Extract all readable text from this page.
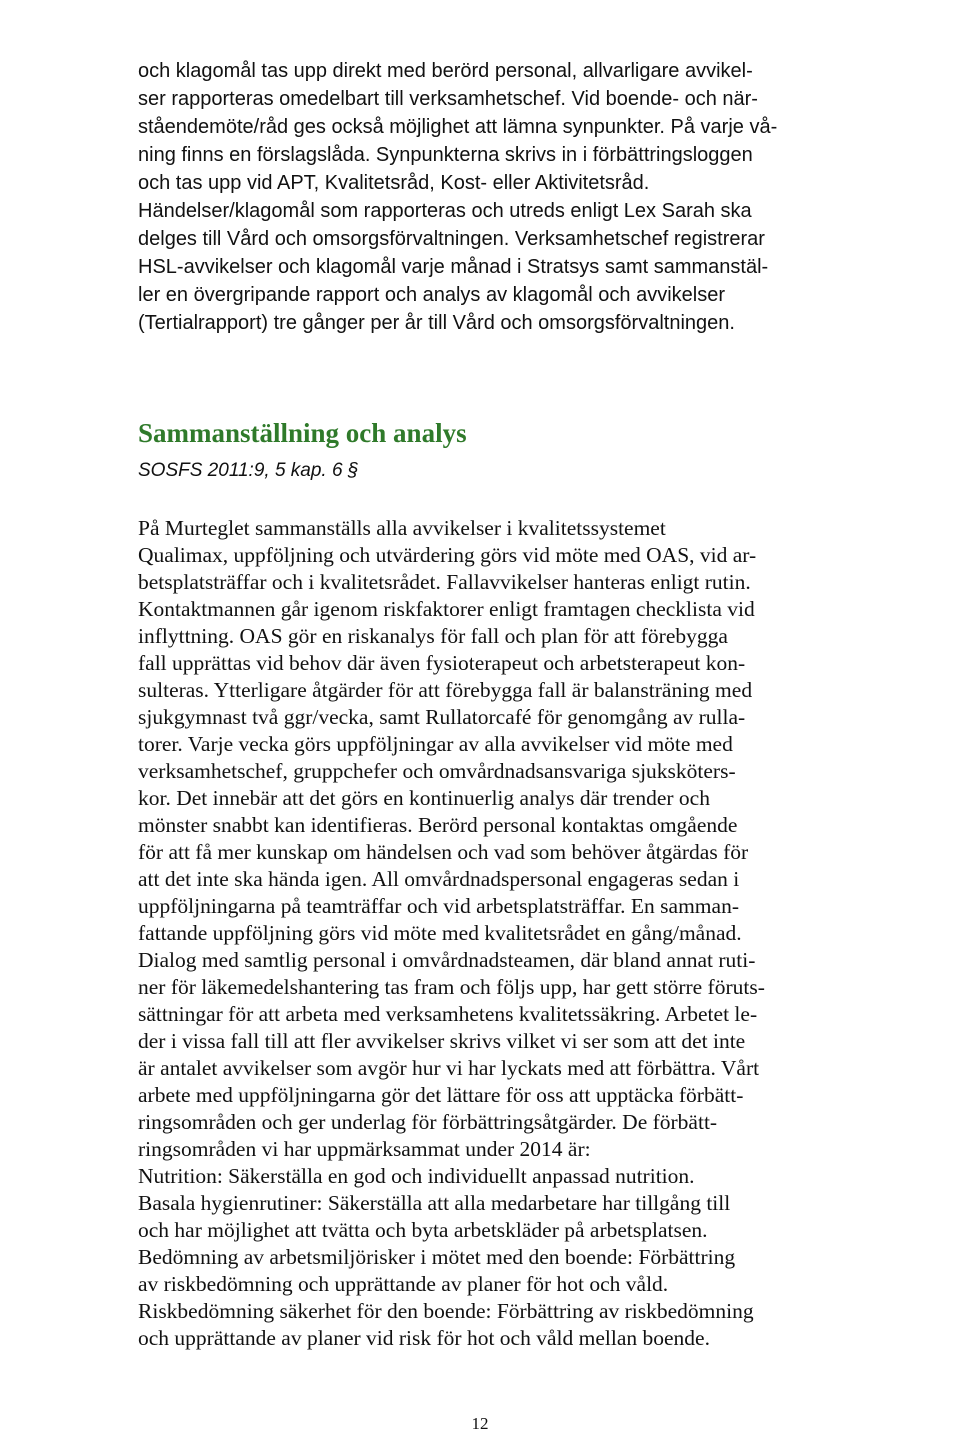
och klagomål tas upp direkt med berörd personal, allvarligare avvikel-
ser rapporteras omedelbart till verksamhetschef. Vid boende- och när-
ståendemöte/råd ges också möjlighet att lämna synpunkter. På varje vå-
ning finns en förslagslåda. Synpunkterna skrivs in i förbättringsloggen
och tas upp vid APT, Kvalitetsråd, Kost- eller Aktivitetsråd.
Händelser/klagomål som rapporteras och utreds enligt Lex Sarah ska
delges till Vård och omsorgsförvaltningen. Verksamhetschef registrerar
HSL-avvikelser och klagomål varje månad i Stratsys samt sammanstäl-
ler en övergripande rapport och analys av klagomål och avvikelser
(Tertialrapport) tre gånger per år till Vård och omsorgsförvaltningen.
Sammanställning och analys
SOSFS 2011:9, 5 kap. 6 §
På Murteglet sammanställs alla avvikelser i kvalitetssystemet
Qualimax, uppföljning och utvärdering görs vid möte med OAS, vid ar-
betsplatsträffar och i kvalitetsrådet. Fallavvikelser hanteras enligt rutin.
Kontaktmannen går igenom riskfaktorer enligt framtagen checklista vid
inflyttning. OAS gör en riskanalys för fall och plan för att förebygga
fall upprättas vid behov där även fysioterapeut och arbetsterapeut kon-
sulteras. Ytterligare åtgärder för att förebygga fall är balansträning med
sjukgymnast två ggr/vecka, samt Rullatorcafé för genomgång av rulla-
torer. Varje vecka görs uppföljningar av alla avvikelser vid möte med
verksamhetschef, gruppchefer och omvårdnadsansvariga sjuksköters-
kor. Det innebär att det görs en kontinuerlig analys där trender och
mönster snabbt kan identifieras. Berörd personal kontaktas omgående
för att få mer kunskap om händelsen och vad som behöver åtgärdas för
att det inte ska hända igen. All omvårdnadspersonal engageras sedan i
uppföljningarna på teamträffar och vid arbetsplatsträffar. En samman-
fattande uppföljning görs vid möte med kvalitetsrådet en gång/månad.
Dialog med samtlig personal i omvårdnadsteamen, där bland annat ruti-
ner för läkemedelshantering tas fram och följs upp, har gett större föruts-
sättningar för att arbeta med verksamhetens kvalitetssäkring. Arbetet le-
der i vissa fall till att fler avvikelser skrivs vilket vi ser som att det inte
är antalet avvikelser som avgör hur vi har lyckats med att förbättra. Vårt
arbete med uppföljningarna gör det lättare för oss att upptäcka förbätt-
ringsområden och ger underlag för förbättringsåtgärder. De förbätt-
ringsområden vi har uppmärksammat under 2014 är:
Nutrition: Säkerställa en god och individuellt anpassad nutrition.
Basala hygienrutiner: Säkerställa att alla medarbetare har tillgång till
och har möjlighet att tvätta och byta arbetskläder på arbetsplatsen.
Bedömning av arbetsmiljörisker i mötet med den boende: Förbättring
av riskbedömning och upprättande av planer för hot och våld.
Riskbedömning säkerhet för den boende: Förbättring av riskbedömning
och upprättande av planer vid risk för hot och våld mellan boende.
12
